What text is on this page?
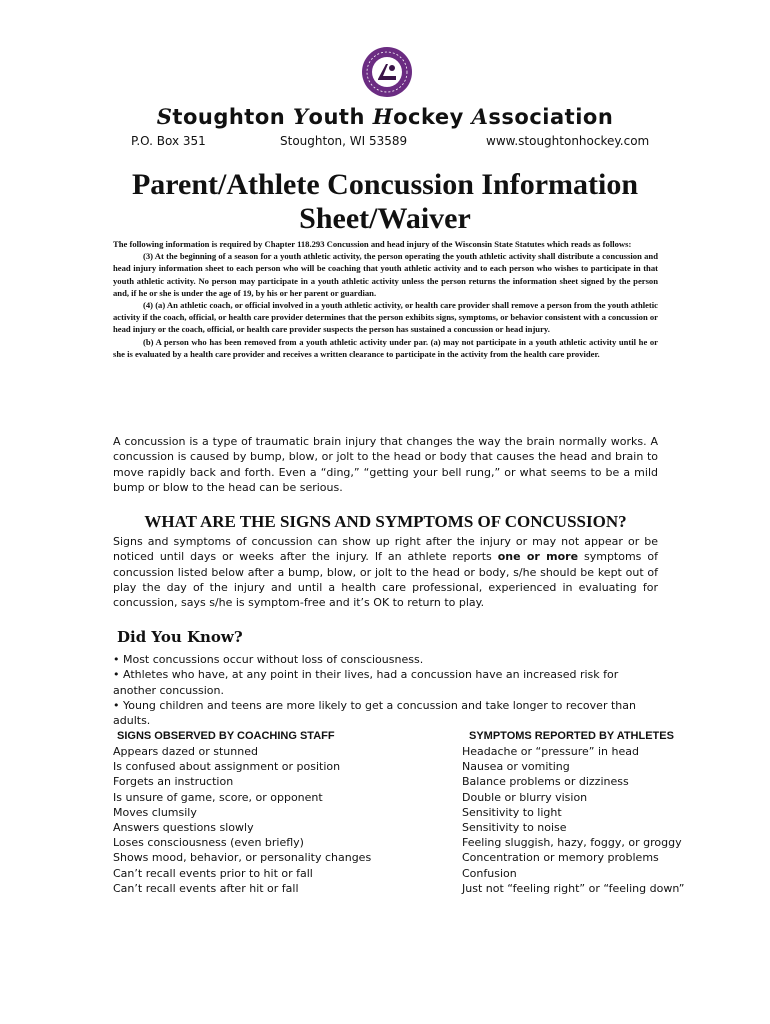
Stoughton Youth Hockey Association
P.O. Box 351	Stoughton, WI 53589	www.stoughtonhockey.com
Parent/Athlete Concussion Information Sheet/Waiver

The following information is required by Chapter 118.293 Concussion and head injury of the Wisconsin State Statutes which reads as follows:

(3) At the beginning of a season for a youth athletic activity, the person operating the youth athletic activity shall distribute a concussion and head injury information sheet to each person who will be coaching that youth athletic activity and to each person who wishes to participate in that youth athletic activity. No person may participate in a youth athletic activity unless the person returns the information sheet signed by the person and, if he or she is under the age of 19, by his or her parent or guardian.

(4) (a) An athletic coach, or official involved in a youth athletic activity, or health care provider shall remove a person from the youth athletic activity if the coach, official, or health care provider determines that the person exhibits signs, symptoms, or behavior consistent with a concussion or head injury or the coach, official, or health care provider suspects the person has sustained a concussion or head injury.

(b) A person who has been removed from a youth athletic activity under par. (a) may not participate in a youth athletic activity until he or she is evaluated by a health care provider and receives a written clearance to participate in the activity from the health care provider.

A concussion is a type of traumatic brain injury that changes the way the brain normally works. A concussion is caused by bump, blow, or jolt to the head or body that causes the head and brain to move rapidly back and forth. Even a “ding,” “getting your bell rung,” or what seems to be a mild bump or blow to the head can be serious.
WHAT ARE THE SIGNS AND SYMPTOMS OF CONCUSSION?
Signs and symptoms of concussion can show up right after the injury or may not appear or be noticed until days or weeks after the injury. If an athlete reports one or more symptoms of concussion listed below after a bump, blow, or jolt to the head or body, s/he should be kept out of play the day of the injury and until a health care professional, experienced in evaluating for concussion, says s/he is symptom-free and it’s OK to return to play.
Did You Know?
• Most concussions occur without loss of consciousness.
• Athletes who have, at any point in their lives, had a concussion have an increased risk for another concussion.
• Young children and teens are more likely to get a concussion and take longer to recover than adults.
SIGNS OBSERVED BY COACHING STAFF
Appears dazed or stunned
Is confused about assignment or position
Forgets an instruction
Is unsure of game, score, or opponent
Moves clumsily
Answers questions slowly
Loses consciousness (even briefly)
Shows mood, behavior, or personality changes
Can’t recall events prior to hit or fall
Can’t recall events after hit or fall
SYMPTOMS REPORTED BY ATHLETES
Headache or “pressure” in head
Nausea or vomiting
Balance problems or dizziness
Double or blurry vision
Sensitivity to light
Sensitivity to noise
Feeling sluggish, hazy, foggy, or groggy
Concentration or memory problems
Confusion
Just not “feeling right” or “feeling down”
